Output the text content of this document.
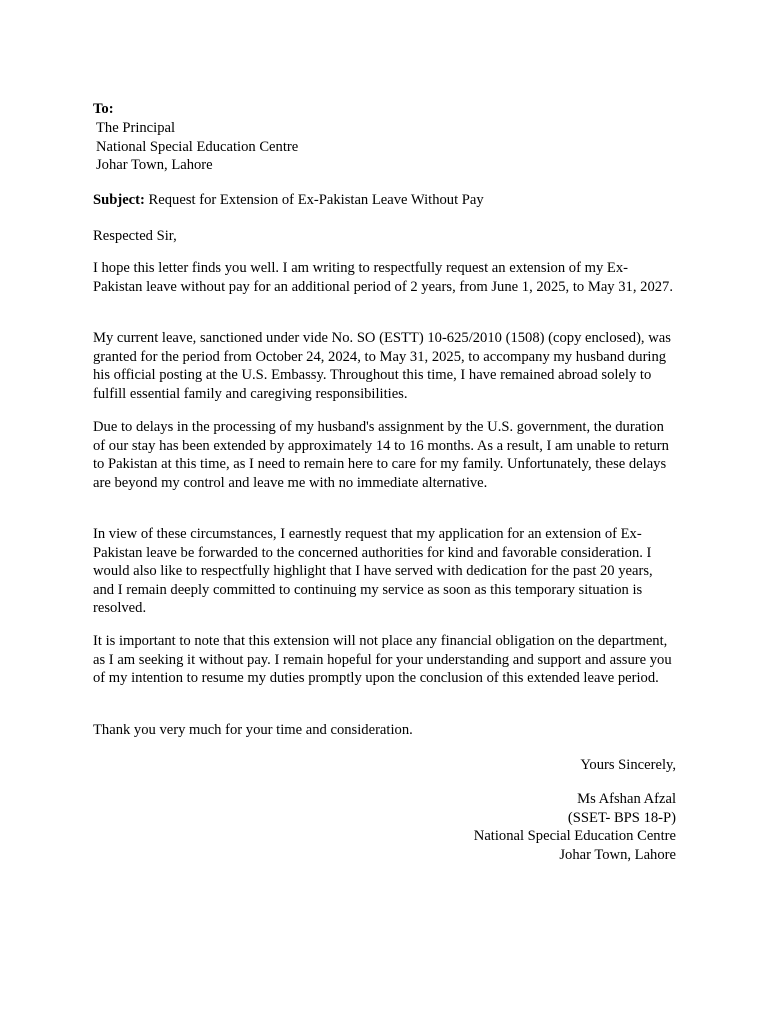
To:
The Principal
National Special Education Centre
Johar Town, Lahore
Subject: Request for Extension of Ex-Pakistan Leave Without Pay
Respected Sir,

I hope this letter finds you well. I am writing to respectfully request an extension of my Ex-Pakistan leave without pay for an additional period of 2 years, from June 1, 2025, to May 31, 2027.

My current leave, sanctioned under vide No. SO (ESTT) 10-625/2010 (1508) (copy enclosed), was granted for the period from October 24, 2024, to May 31, 2025, to accompany my husband during his official posting at the U.S. Embassy. Throughout this time, I have remained abroad solely to fulfill essential family and caregiving responsibilities.

Due to delays in the processing of my husband's assignment by the U.S. government, the duration of our stay has been extended by approximately 14 to 16 months. As a result, I am unable to return to Pakistan at this time, as I need to remain here to care for my family. Unfortunately, these delays are beyond my control and leave me with no immediate alternative.

In view of these circumstances, I earnestly request that my application for an extension of Ex-Pakistan leave be forwarded to the concerned authorities for kind and favorable consideration. I would also like to respectfully highlight that I have served with dedication for the past 20 years, and I remain deeply committed to continuing my service as soon as this temporary situation is resolved.

It is important to note that this extension will not place any financial obligation on the department, as I am seeking it without pay. I remain hopeful for your understanding and support and assure you of my intention to resume my duties promptly upon the conclusion of this extended leave period.

Thank you very much for your time and consideration.

Yours Sincerely,
Ms Afshan Afzal
(SSET- BPS 18-P)
National Special Education Centre
Johar Town, Lahore
